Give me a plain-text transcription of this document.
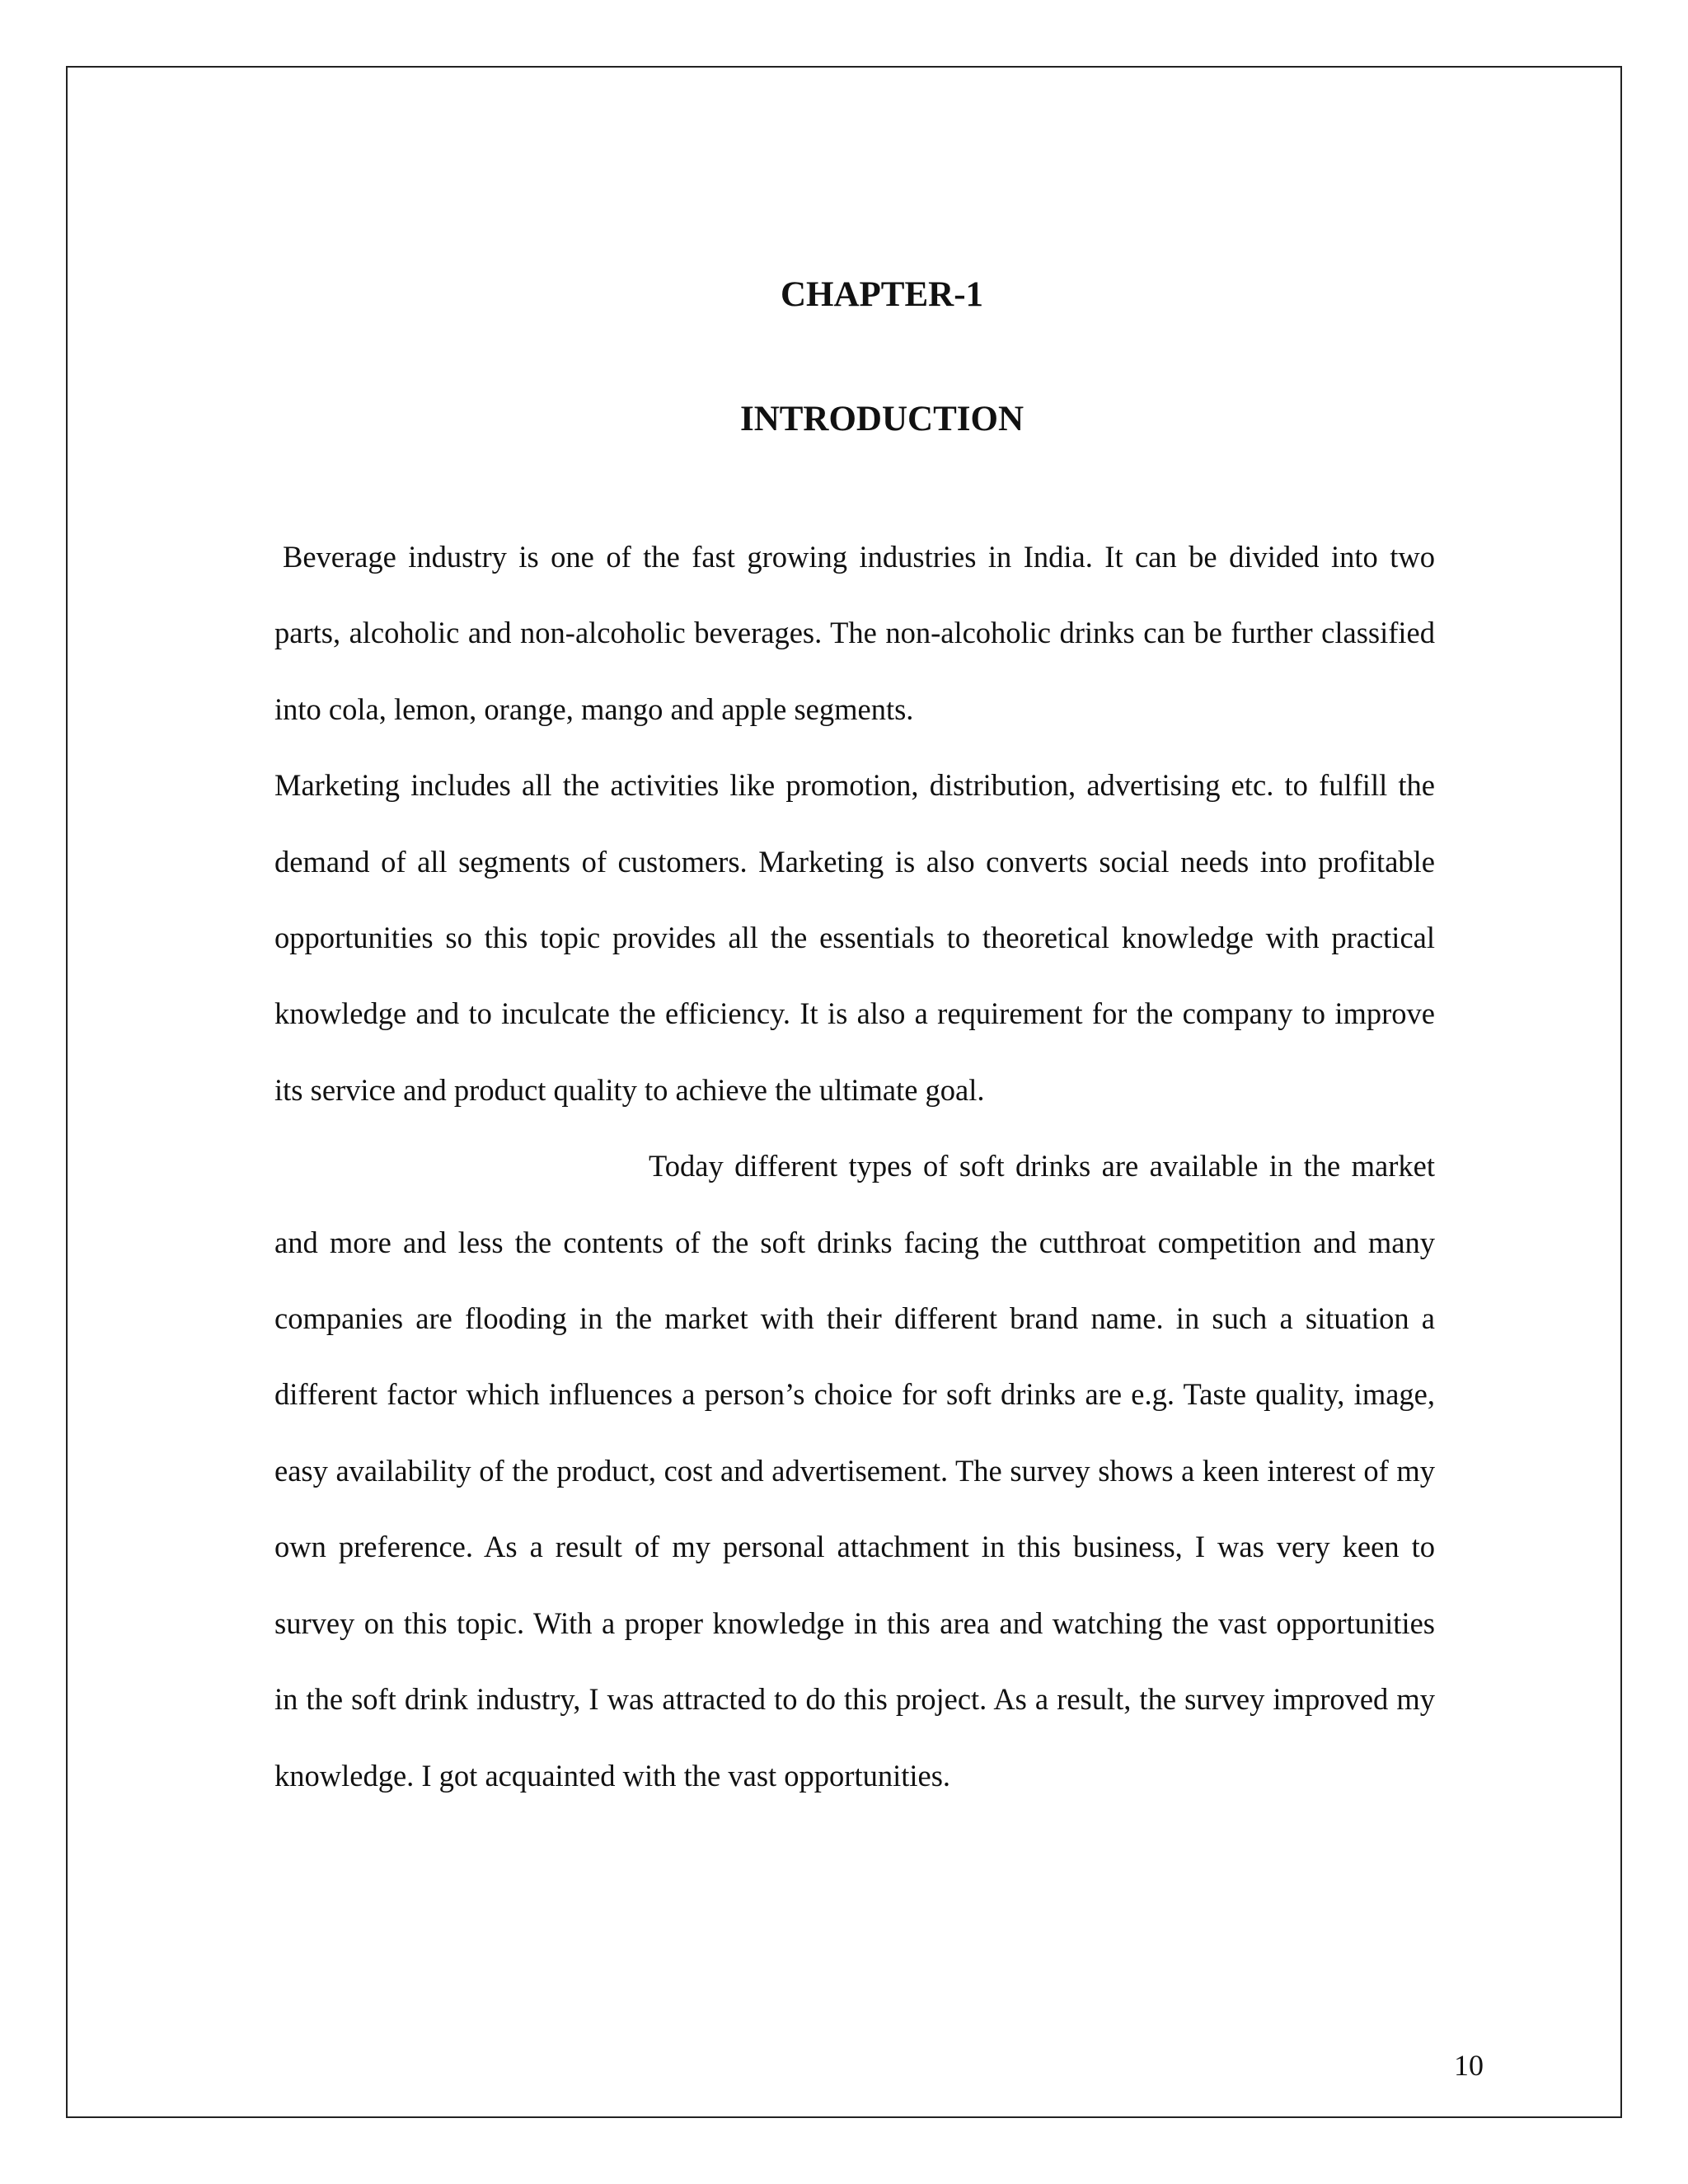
CHAPTER-1
INTRODUCTION

Beverage industry is one of the fast growing industries in India. It can be divided into two parts, alcoholic and non-alcoholic beverages. The non-alcoholic drinks can be further classified into cola, lemon, orange, mango and apple segments.

Marketing includes all the activities like promotion, distribution, advertising etc. to fulfill the demand of all segments of customers. Marketing is also converts social needs into profitable opportunities so this topic provides all the essentials to theoretical knowledge with practical knowledge and to inculcate the efficiency. It is also a requirement for the company to improve its service and product quality to achieve the ultimate goal.

Today different types of soft drinks are available in the market and more and less the contents of the soft drinks facing the cutthroat competition and many companies are flooding in the market with their different brand name. in such a situation a different factor which influences a person’s choice for soft drinks are e.g. Taste quality, image, easy availability of the product, cost and advertisement. The survey shows a keen interest of my own preference. As a result of my personal attachment in this business, I was very keen to survey on this topic. With a proper knowledge in this area and watching the vast opportunities in the soft drink industry, I was attracted to do this project. As a result, the survey improved my knowledge. I got acquainted with the vast opportunities.

10
